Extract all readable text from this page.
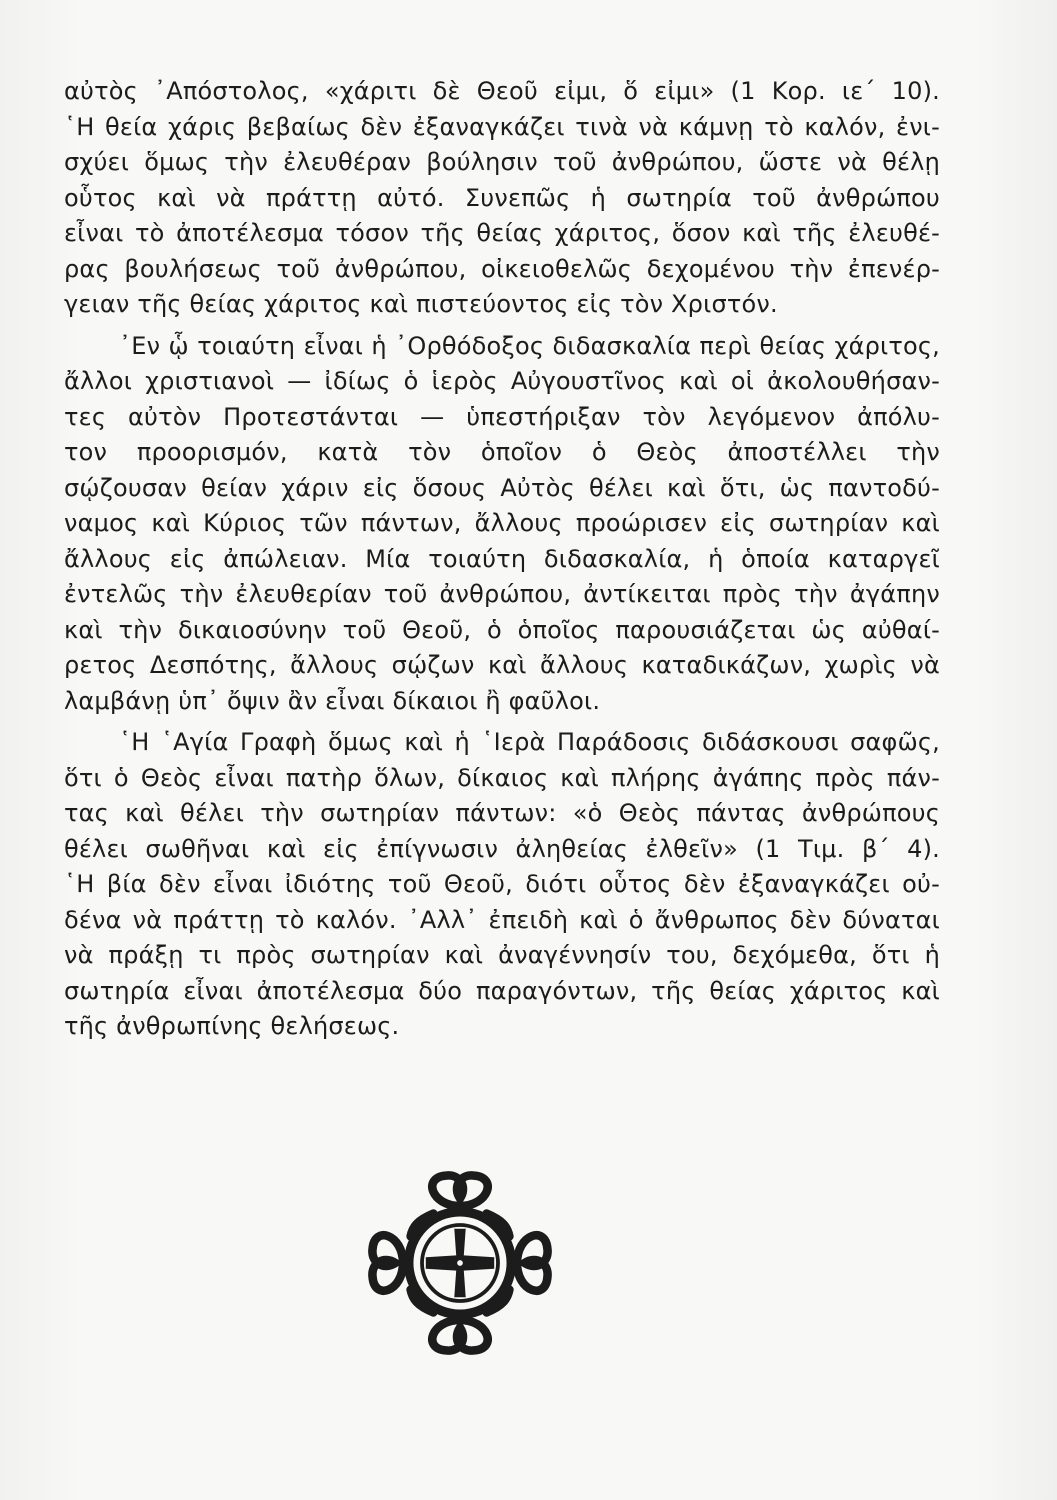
αὐτὸς ᾿Απόστολος, «χάριτι δὲ Θεοῦ εἰμι, ὅ εἰμι» (1 Κορ. ιε΄ 10).
῾Η θεία χάρις βεβαίως δὲν ἐξαναγκάζει τινὰ νὰ κάμνῃ τὸ καλόν, ἐνι-
σχύει ὅμως τὴν ἐλευθέραν βούλησιν τοῦ ἀνθρώπου, ὥστε νὰ θέλῃ
οὗτος καὶ νὰ πράττῃ αὐτό. Συνεπῶς ἡ σωτηρία τοῦ ἀνθρώπου
εἶναι τὸ ἀποτέλεσμα τόσον τῆς θείας χάριτος, ὅσον καὶ τῆς ἐλευθέ-
ρας βουλήσεως τοῦ ἀνθρώπου, οἰκειοθελῶς δεχομένου τὴν ἐπενέρ-
γειαν τῆς θείας χάριτος καὶ πιστεύοντος εἰς τὸν Χριστόν.
᾿Εν ᾧ τοιαύτη εἶναι ἡ ᾿Ορθόδοξος διδασκαλία περὶ θείας χάριτος,
ἄλλοι χριστιανοὶ — ἰδίως ὁ ἱερὸς Αὐγουστῖνος καὶ οἱ ἀκολουθήσαν-
τες αὐτὸν Προτεστάνται — ὑπεστήριξαν τὸν λεγόμενον ἀπόλυ-
τον προορισμόν, κατὰ τὸν ὁποῖον ὁ Θεὸς ἀποστέλλει τὴν
σῴζουσαν θείαν χάριν εἰς ὅσους Αὐτὸς θέλει καὶ ὅτι, ὡς παντοδύ-
ναμος καὶ Κύριος τῶν πάντων, ἄλλους προώρισεν εἰς σωτηρίαν καὶ
ἄλλους εἰς ἀπώλειαν. Μία τοιαύτη διδασκαλία, ἡ ὁποία καταργεῖ
ἐντελῶς τὴν ἐλευθερίαν τοῦ ἀνθρώπου, ἀντίκειται πρὸς τὴν ἀγάπην
καὶ τὴν δικαιοσύνην τοῦ Θεοῦ, ὁ ὁποῖος παρουσιάζεται ὡς αὐθαί-
ρετος Δεσπότης, ἄλλους σῴζων καὶ ἄλλους καταδικάζων, χωρὶς νὰ
λαμβάνῃ ὑπ᾿ ὄψιν ἂν εἶναι δίκαιοι ἢ φαῦλοι.
῾Η ῾Αγία Γραφὴ ὅμως καὶ ἡ ῾Ιερὰ Παράδοσις διδάσκουσι σαφῶς,
ὅτι ὁ Θεὸς εἶναι πατὴρ ὅλων, δίκαιος καὶ πλήρης ἀγάπης πρὸς πάν-
τας καὶ θέλει τὴν σωτηρίαν πάντων: «ὁ Θεὸς πάντας ἀνθρώπους
θέλει σωθῆναι καὶ εἰς ἐπίγνωσιν ἀληθείας ἐλθεῖν» (1 Τιμ. β΄ 4).
῾Η βία δὲν εἶναι ἰδιότης τοῦ Θεοῦ, διότι οὗτος δὲν ἐξαναγκάζει οὐ-
δένα νὰ πράττῃ τὸ καλόν. ᾿Αλλ᾿ ἐπειδὴ καὶ ὁ ἄνθρωπος δὲν δύναται
νὰ πράξῃ τι πρὸς σωτηρίαν καὶ ἀναγέννησίν του, δεχόμεθα, ὅτι ἡ
σωτηρία εἶναι ἀποτέλεσμα δύο παραγόντων, τῆς θείας χάριτος καὶ
τῆς ἀνθρωπίνης θελήσεως.
